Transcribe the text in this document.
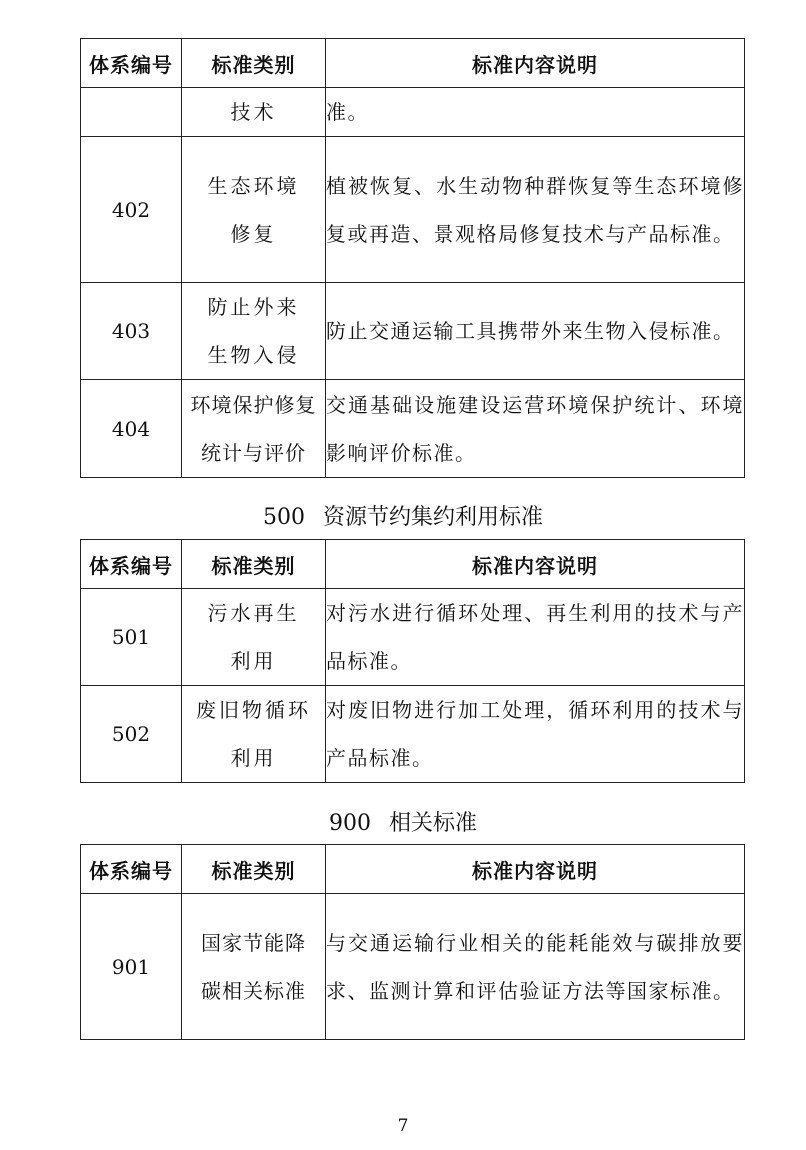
体系编号	标准类别	标准内容说明
	技术	准。
402	生态环境修复	植被恢复、水生动物种群恢复等生态环境修复或再造、景观格局修复技术与产品标准。
403	防止外来生物入侵	防止交通运输工具携带外来生物入侵标准。
404	环境保护修复统计与评价	交通基础设施建设运营环境保护统计、环境影响评价标准。
500 资源节约集约利用标准
体系编号	标准类别	标准内容说明
501	污水再生利用	对污水进行循环处理、再生利用的技术与产品标准。
502	废旧物循环利用	对废旧物进行加工处理，循环利用的技术与产品标准。
900 相关标准
体系编号	标准类别	标准内容说明
901	国家节能降碳相关标准	与交通运输行业相关的能耗能效与碳排放要求、监测计算和评估验证方法等国家标准。
7
